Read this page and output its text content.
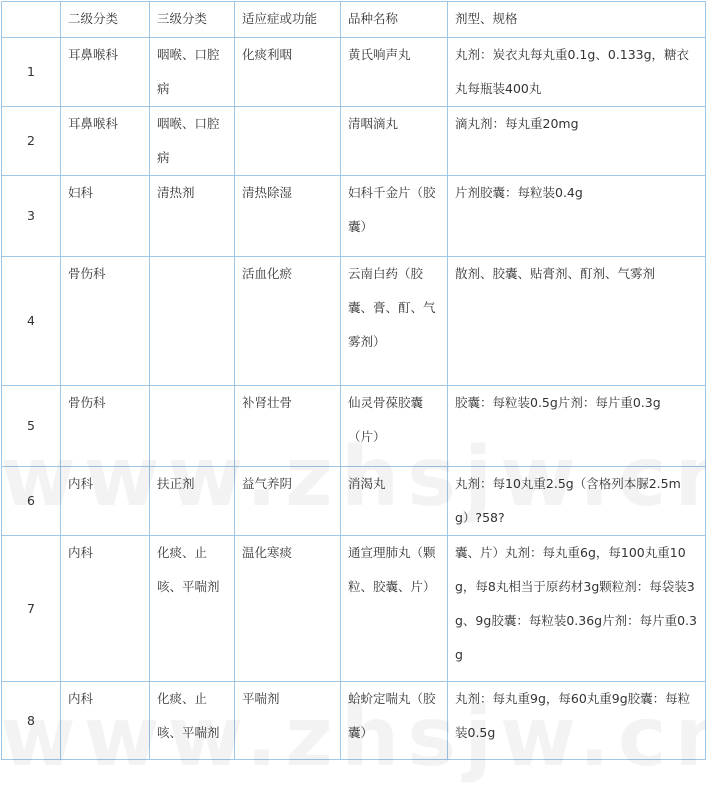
	二级分类	三级分类	适应症或功能	品种名称	剂型、规格
1	耳鼻喉科	咽喉、口腔病	化痰利咽	黄氏响声丸	丸剂：炭衣丸每丸重0.1g、0.133g，糖衣丸每瓶装400丸
2	耳鼻喉科	咽喉、口腔病		清咽滴丸	滴丸剂：每丸重20mg
3	妇科	清热剂	清热除湿	妇科千金片（胶囊）	片剂胶囊：每粒装0.4g
4	骨伤科		活血化瘀	云南白药（胶囊、膏、酊、气雾剂）	散剂、胶囊、贴膏剂、酊剂、气雾剂
5	骨伤科		补肾壮骨	仙灵骨葆胶囊（片）	胶囊：每粒装0.5g片剂：每片重0.3g
6	内科	扶正剂	益气养阴	消渴丸	丸剂：每10丸重2.5g（含格列本脲2.5mg）?58?
7	内科	化痰、止咳、平喘剂	温化寒痰	通宣理肺丸（颗粒、胶囊、片）	囊、片）丸剂：每丸重6g，每100丸重10g，每8丸相当于原药材3g颗粒剂：每袋装3g、9g胶囊：每粒装0.36g片剂：每片重0.3g
8	内科	化痰、止咳、平喘剂	平喘剂	蛤蚧定喘丸（胶囊）	丸剂：每丸重9g，每60丸重9g胶囊：每粒装0.5g
